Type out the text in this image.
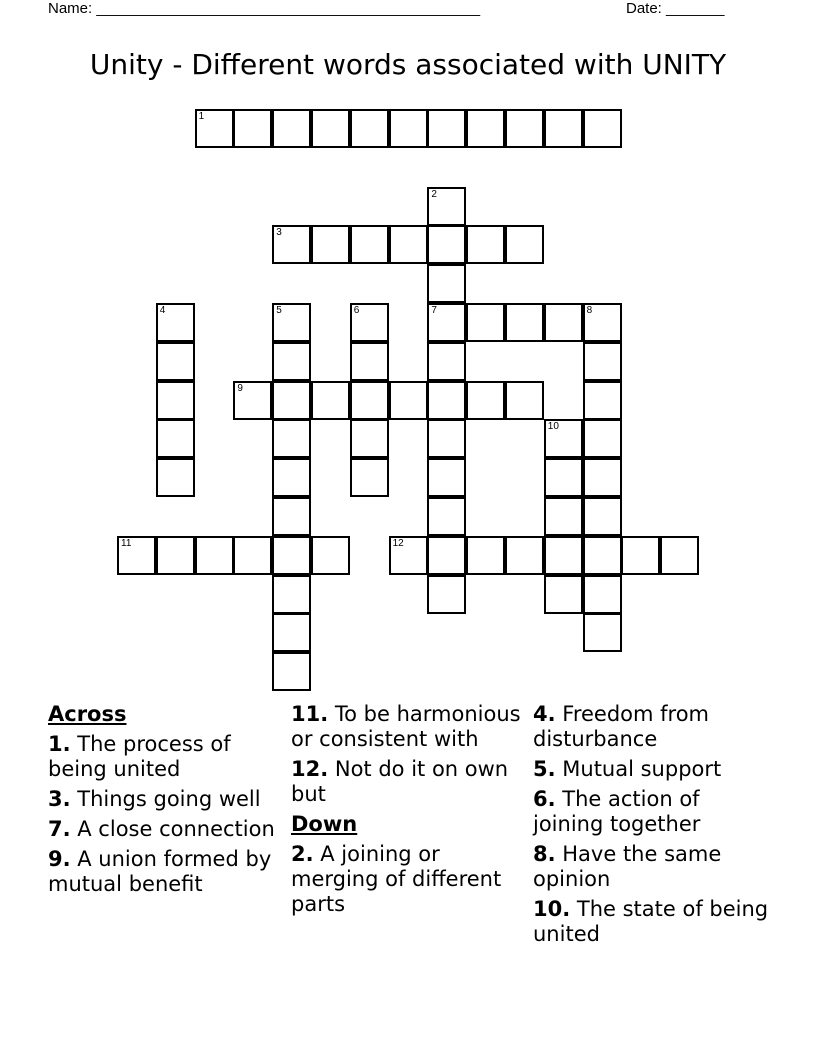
Name: ______________________________________________	Date: _______
Unity - Different words associated with UNITY
1
2
7
3
4	5	6	8
9
10
11	12
Across
1. The process of being united
3. Things going well
7. A close connection
9. A union formed by mutual benefit
11. To be harmonious or consistent with
12. Not do it on own but
Down
2. A joining or merging of different parts
4. Freedom from disturbance
5. Mutual support
6. The action of joining together
8. Have the same opinion
10. The state of being united
